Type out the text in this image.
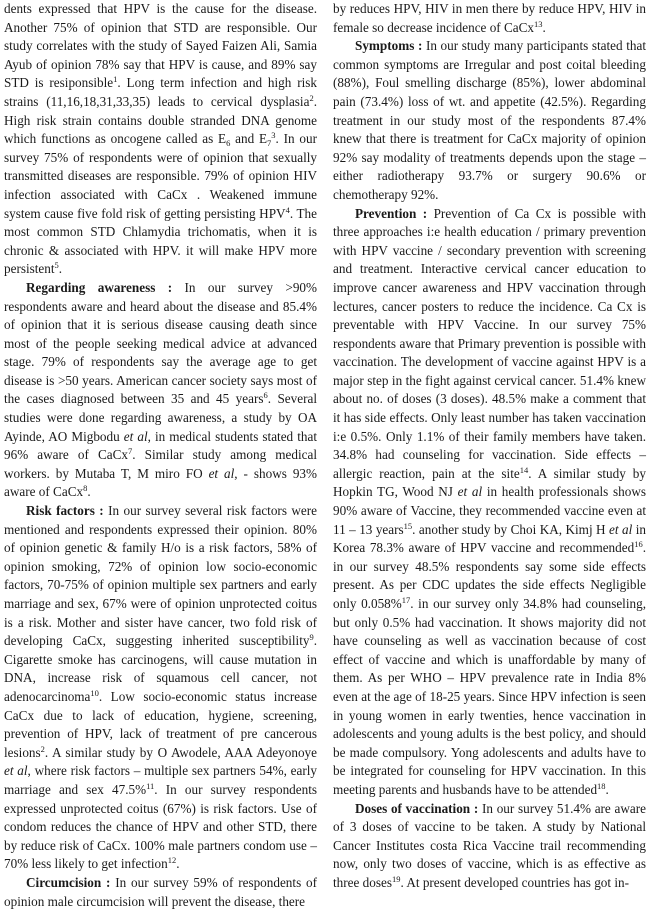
dents expressed that HPV is the cause for the disease. Another 75% of opinion that STD are responsible. Our study correlates with the study of Sayed Faizen Ali, Samia Ayub of opinion 78% say that HPV is cause, and 89% say STD is resiponsible$^1$. Long term infection and high risk strains (11,16,18,31,33,35) leads to cervical dysplasia$^2$. High risk strain contains double stranded DNA genome which functions as oncogene called as $E_6$ and $E_7^3$. In our survey 75% of respondents were of opinion that sexually transmitted diseases are responsible. 79% of opinion HIV infection associated with CaCx . Weakened immune system cause five fold risk of getting persisting HPV$^4$. The most common STD Chlamydia trichomatis, when it is chronic & associated with HPV. it will make HPV more persistent$^5$.

Regarding awareness : In our survey >90% respondents aware and heard about the disease and 85.4% of opinion that it is serious disease causing death since most of the people seeking medical advice at advanced stage. 79% of respondents say the average age to get disease is >50 years. American cancer society says most of the cases diagnosed between 35 and 45 years$^6$. Several studies were done regarding awareness, a study by OA Ayinde, AO Migbodu et al, in medical students stated that 96% aware of CaCx$^7$. Similar study among medical workers. by Mutaba T, M miro FO et al, - shows 93% aware of CaCx$^8$.

Risk factors : In our survey several risk factors were mentioned and respondents expressed their opinion. 80% of opinion genetic & family H/o is a risk factors, 58% of opinion smoking, 72% of opinion low socio-economic factors, 70-75% of opinion multiple sex partners and early marriage and sex, 67% were of opinion unprotected coitus is a risk. Mother and sister have cancer, two fold risk of developing CaCx, suggesting inherited susceptibility$^9$. Cigarette smoke has carcinogens, will cause mutation in DNA, increase risk of squamous cell cancer, not adenocarcinoma$^{10}$. Low socio-economic status increase CaCx due to lack of education, hygiene, screening, prevention of HPV, lack of treatment of pre cancerous lesions$^2$. A similar study by O Awodele, AAA Adeyonoye et al, where risk factors – multiple sex partners 54%, early marriage and sex 47.5%$^{11}$. In our survey respondents expressed unprotected coitus (67%) is risk factors. Use of condom reduces the chance of HPV and other STD, there by reduce risk of CaCx. 100% male partners condom use – 70% less likely to get infection$^{12}$.

Circumcision : In our survey 59% of respondents of opinion male circumcision will prevent the disease, there

by reduces HPV, HIV in men there by reduce HPV, HIV in female so decrease incidence of CaCx$^{13}$.

Symptoms : In our study many participants stated that common symptoms are Irregular and post coital bleeding (88%), Foul smelling discharge (85%), lower abdominal pain (73.4%) loss of wt. and appetite (42.5%). Regarding treatment in our study most of the respondents 87.4% knew that there is treatment for CaCx majority of opinion 92% say modality of treatments depends upon the stage – either radiotherapy 93.7% or surgery 90.6% or chemotherapy 92%.

Prevention : Prevention of Ca Cx is possible with three approaches i:e health education / primary prevention with HPV vaccine / secondary prevention with screening and treatment. Interactive cervical cancer education to improve cancer awareness and HPV vaccination through lectures, cancer posters to reduce the incidence. Ca Cx is preventable with HPV Vaccine. In our survey 75% respondents aware that Primary prevention is possible with vaccination. The development of vaccine against HPV is a major step in the fight against cervical cancer. 51.4% knew about no. of doses (3 doses). 48.5% make a comment that it has side effects. Only least number has taken vaccination i:e 0.5%. Only 1.1% of their family members have taken. 34.8% had counseling for vaccination. Side effects – allergic reaction, pain at the site$^{14}$. A similar study by Hopkin TG, Wood NJ et al in health professionals shows 90% aware of Vaccine, they recommended vaccine even at 11 – 13 years$^{15}$. another study by Choi KA, Kimj H et al in Korea 78.3% aware of HPV vaccine and recommended$^{16}$. in our survey 48.5% respondents say some side effects present. As per CDC updates the side effects Negligible only 0.058%$^{17}$. in our survey only 34.8% had counseling, but only 0.5% had vaccination. It shows majority did not have counseling as well as vaccination because of cost effect of vaccine and which is unaffordable by many of them. As per WHO – HPV prevalence rate in India 8% even at the age of 18-25 years. Since HPV infection is seen in young women in early twenties, hence vaccination in adolescents and young adults is the best policy, and should be made compulsory. Yong adolescents and adults have to be integrated for counseling for HPV vaccination. In this meeting parents and husbands have to be attended$^{18}$.

Doses of vaccination : In our survey 51.4% are aware of 3 doses of vaccine to be taken. A study by National Cancer Institutes costa Rica Vaccine trail recommending now, only two doses of vaccine, which is as effective as three doses$^{19}$. At present developed countries has got in-
